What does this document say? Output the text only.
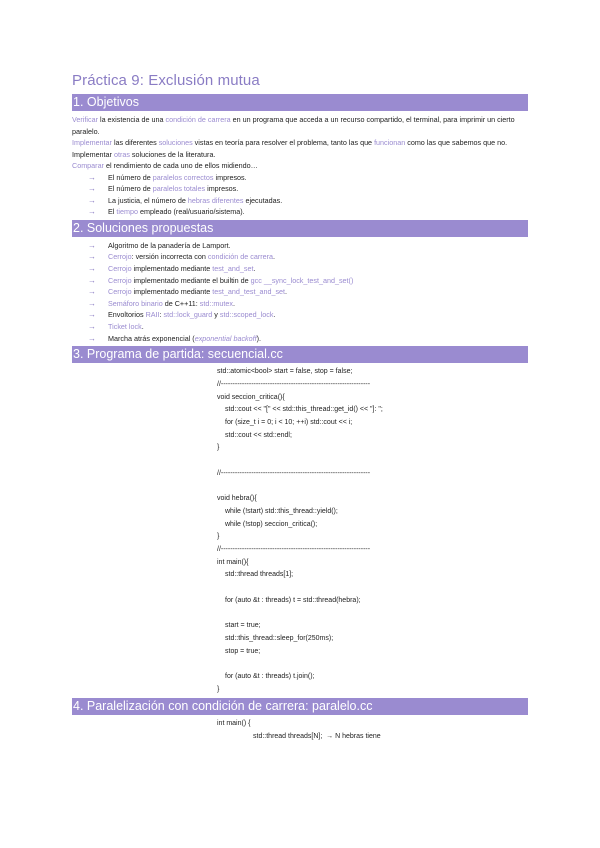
Práctica 9: Exclusión mutua
1. Objetivos
Verificar la existencia de una condición de carrera en un programa que acceda a un recurso compartido, el terminal, para imprimir un cierto paralelo.
Implementar las diferentes soluciones vistas en teoría para resolver el problema, tanto las que funcionan como las que sabemos que no.
Implementar otras soluciones de la literatura.
Comparar el rendimiento de cada uno de ellos midiendo…
→ El número de paralelos correctos impresos.
→ El número de paralelos totales impresos.
→ La justicia, el número de hebras diferentes ejecutadas.
→ El tiempo empleado (real/usuario/sistema).
2. Soluciones propuestas
→ Algoritmo de la panadería de Lamport.
→ Cerrojo: versión incorrecta con condición de carrera.
→ Cerrojo implementado mediante test_and_set.
→ Cerrojo implementado mediante el builtin de gcc __sync_lock_test_and_set()
→ Cerrojo implementado mediante test_and_test_and_set.
→ Semáforo binario de C++11: std::mutex.
→ Envoltorios RAII: std::lock_guard y std::scoped_lock.
→ Ticket lock.
→ Marcha atrás exponencial (exponential backoff).
3. Programa de partida: secuencial.cc
std::atomic<bool> start = false, stop = false;
//----------------------------------------------------------------
void seccion_critica(){
std::cout << "[" << std::this_thread::get_id() << "]: ";
for (size_t i = 0; i < 10; ++i) std::cout << i;
std::cout << std::endl;
}
//----------------------------------------------------------------
void hebra(){
while (!start) std::this_thread::yield();
while (!stop) seccion_critica();
}
//----------------------------------------------------------------
int main(){
std::thread threads[1];
for (auto &t : threads) t = std::thread(hebra);
start = true;
std::this_thread::sleep_for(250ms);
stop = true;
for (auto &t : threads) t.join();
}
4. Paralelización con condición de carrera: paralelo.cc
int main() {
std::thread threads[N];  → N hebras tiene
